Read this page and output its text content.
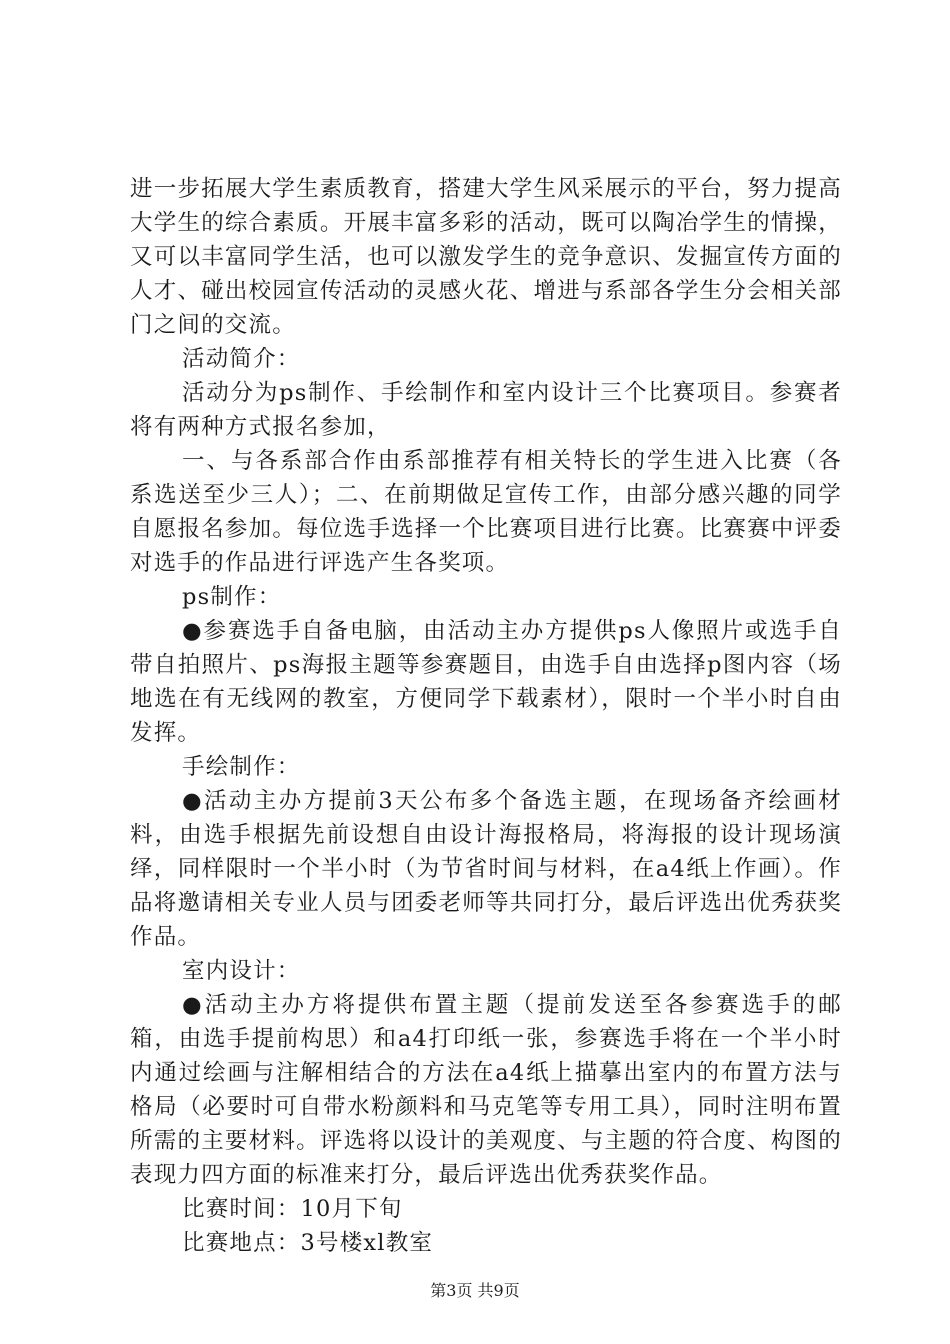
进一步拓展大学生素质教育，搭建大学生风采展示的平台，努力提高大学生的综合素质。开展丰富多彩的活动，既可以陶冶学生的情操，又可以丰富同学生活，也可以激发学生的竞争意识、发掘宣传方面的人才、碰出校园宣传活动的灵感火花、增进与系部各学生分会相关部门之间的交流。

活动简介：

活动分为ps制作、手绘制作和室内设计三个比赛项目。参赛者将有两种方式报名参加，

一、与各系部合作由系部推荐有相关特长的学生进入比赛（各系选送至少三人）；二、在前期做足宣传工作，由部分感兴趣的同学自愿报名参加。每位选手选择一个比赛项目进行比赛。比赛赛中评委对选手的作品进行评选产生各奖项。

ps制作：

●参赛选手自备电脑，由活动主办方提供ps人像照片或选手自带自拍照片、ps海报主题等参赛题目，由选手自由选择p图内容（场地选在有无线网的教室，方便同学下载素材），限时一个半小时自由发挥。

手绘制作：

●活动主办方提前3天公布多个备选主题，在现场备齐绘画材料，由选手根据先前设想自由设计海报格局，将海报的设计现场演绎，同样限时一个半小时（为节省时间与材料，在a4纸上作画）。作品将邀请相关专业人员与团委老师等共同打分，最后评选出优秀获奖作品。

室内设计：

●活动主办方将提供布置主题（提前发送至各参赛选手的邮箱，由选手提前构思）和a4打印纸一张，参赛选手将在一个半小时内通过绘画与注解相结合的方法在a4纸上描摹出室内的布置方法与格局（必要时可自带水粉颜料和马克笔等专用工具），同时注明布置所需的主要材料。评选将以设计的美观度、与主题的符合度、构图的表现力四方面的标准来打分，最后评选出优秀获奖作品。

比赛时间：10月下旬

比赛地点：3号楼xl教室

第3页 共9页
